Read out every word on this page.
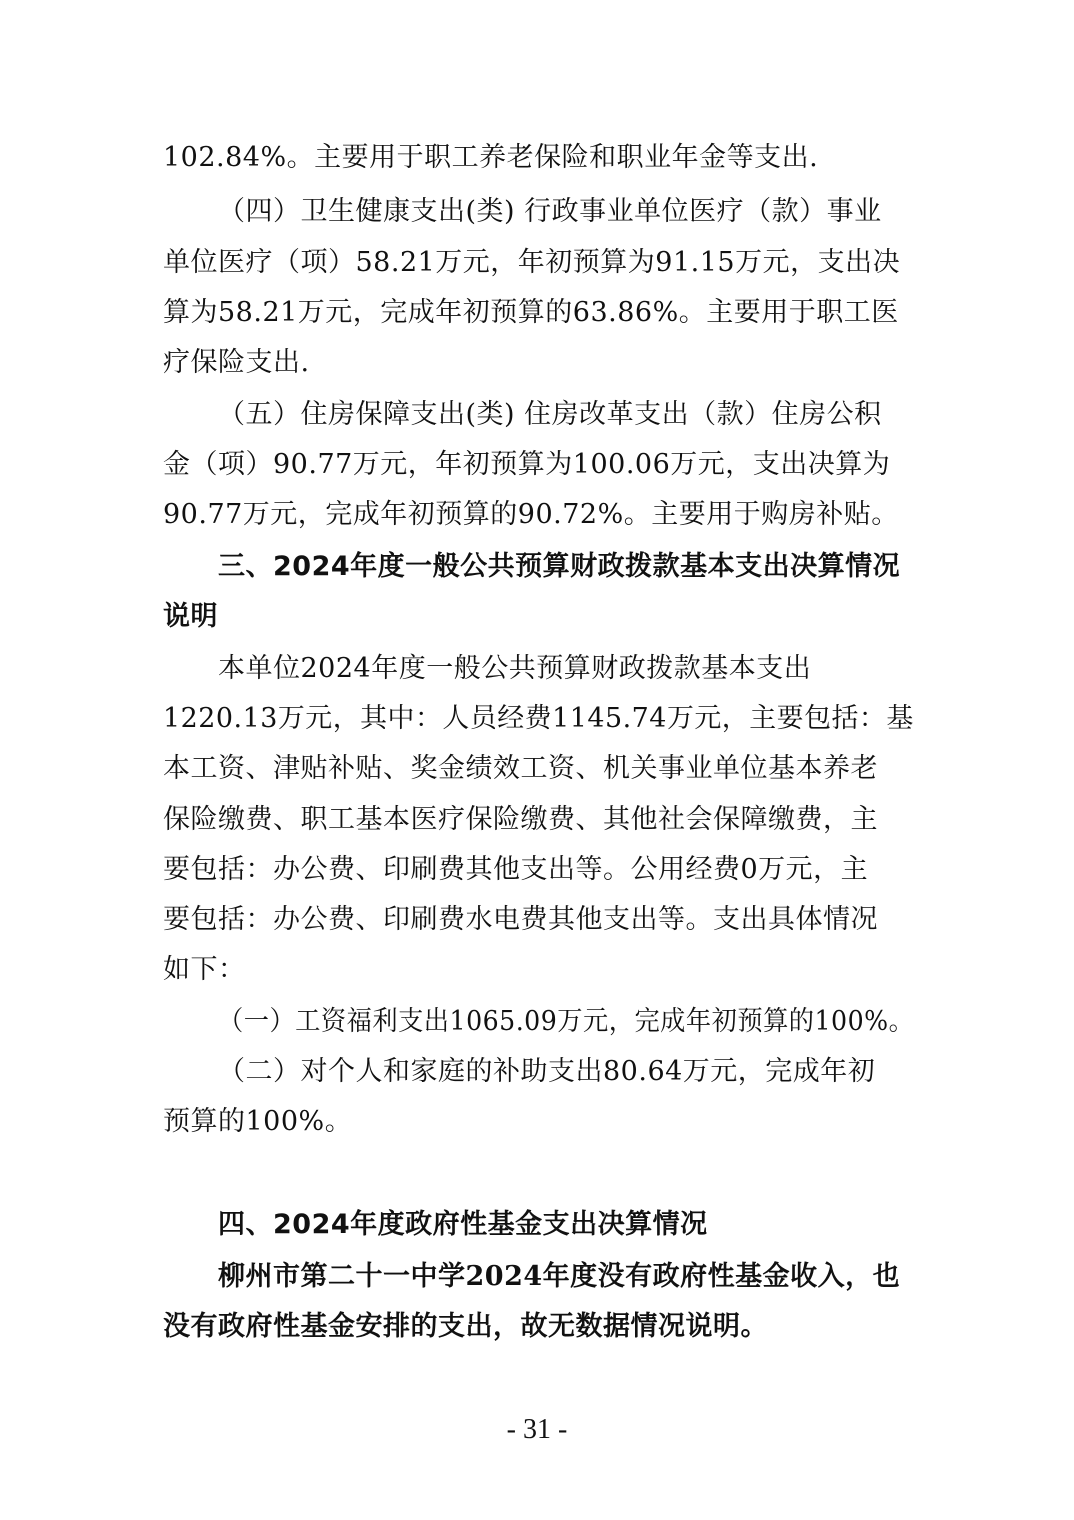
102.84%。主要用于职工养老保险和职业年金等支出.
（四）卫生健康支出(类) 行政事业单位医疗（款）事业
单位医疗（项）58.21万元，年初预算为91.15万元，支出决
算为58.21万元，完成年初预算的63.86%。主要用于职工医
疗保险支出.
（五）住房保障支出(类) 住房改革支出（款）住房公积
金（项）90.77万元，年初预算为100.06万元，支出决算为
90.77万元，完成年初预算的90.72%。主要用于购房补贴。
三、2024年度一般公共预算财政拨款基本支出决算情况
说明
本单位2024年度一般公共预算财政拨款基本支出
1220.13万元，其中：人员经费1145.74万元，主要包括：基
本工资、津贴补贴、奖金绩效工资、机关事业单位基本养老
保险缴费、职工基本医疗保险缴费、其他社会保障缴费，主
要包括：办公费、印刷费其他支出等。公用经费0万元，主
要包括：办公费、印刷费水电费其他支出等。支出具体情况
如下：
（一）工资福利支出1065.09万元，完成年初预算的100%。
（二）对个人和家庭的补助支出80.64万元，完成年初
预算的100%。
四、2024年度政府性基金支出决算情况
柳州市第二十一中学2024年度没有政府性基金收入，也
没有政府性基金安排的支出，故无数据情况说明。
- 31 -
